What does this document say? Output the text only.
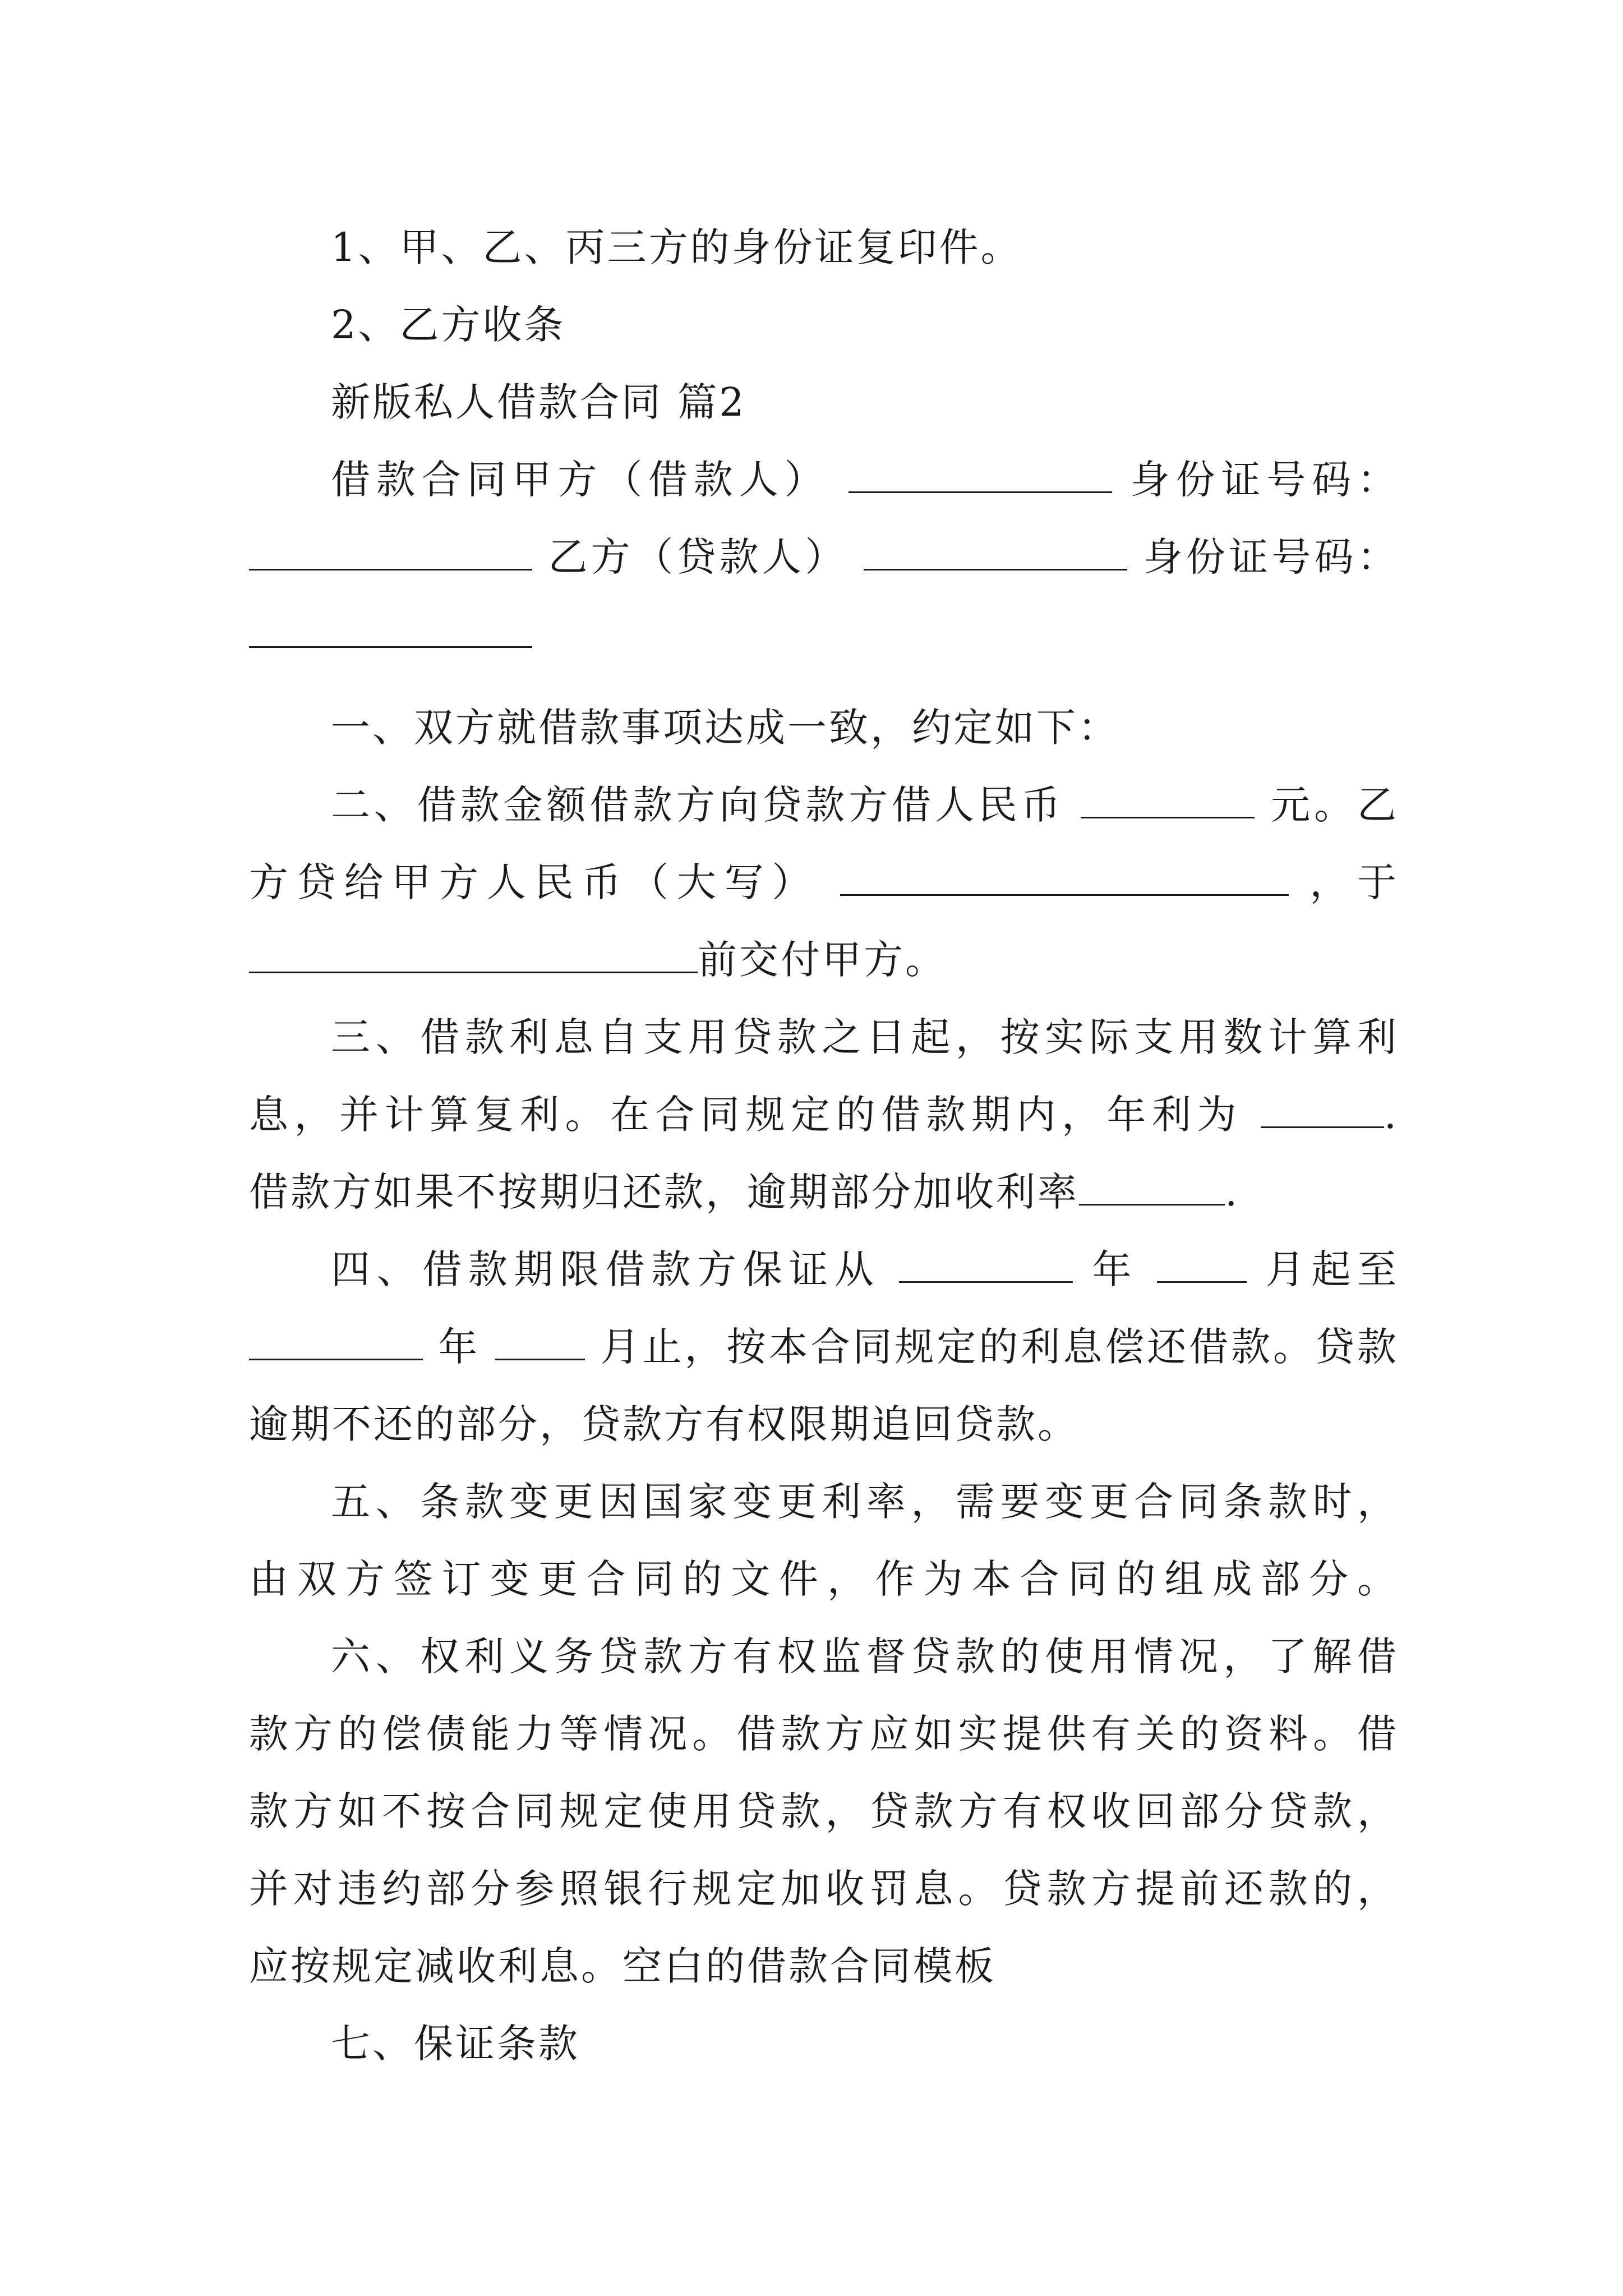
1、甲、乙、丙三方的身份证复印件。
2、乙方收条
新版私人借款合同 篇2
借款合同甲方（借款人）	身份证号码：
乙方（贷款人）	身份证号码：
一、双方就借款事项达成一致，约定如下：
二、借款金额借款方向贷款方借人民币	元。乙
方贷给甲方人民币（大写）	，于
前交付甲方。
三、借款利息自支用贷款之日起，按实际支用数计算利
息，并计算复利。在合同规定的借款期内，年利为	.
借款方如果不按期归还款，逾期部分加收利率	.
四、借款期限借款方保证从	年	月起至
年	月止，按本合同规定的利息偿还借款。贷款
逾期不还的部分，贷款方有权限期追回贷款。
五、条款变更因国家变更利率，需要变更合同条款时，
由双方签订变更合同的文件，作为本合同的组成部分。
六、权利义务贷款方有权监督贷款的使用情况，了解借
款方的偿债能力等情况。借款方应如实提供有关的资料。借
款方如不按合同规定使用贷款，贷款方有权收回部分贷款，
并对违约部分参照银行规定加收罚息。贷款方提前还款的，
应按规定减收利息。空白的借款合同模板
七、保证条款
